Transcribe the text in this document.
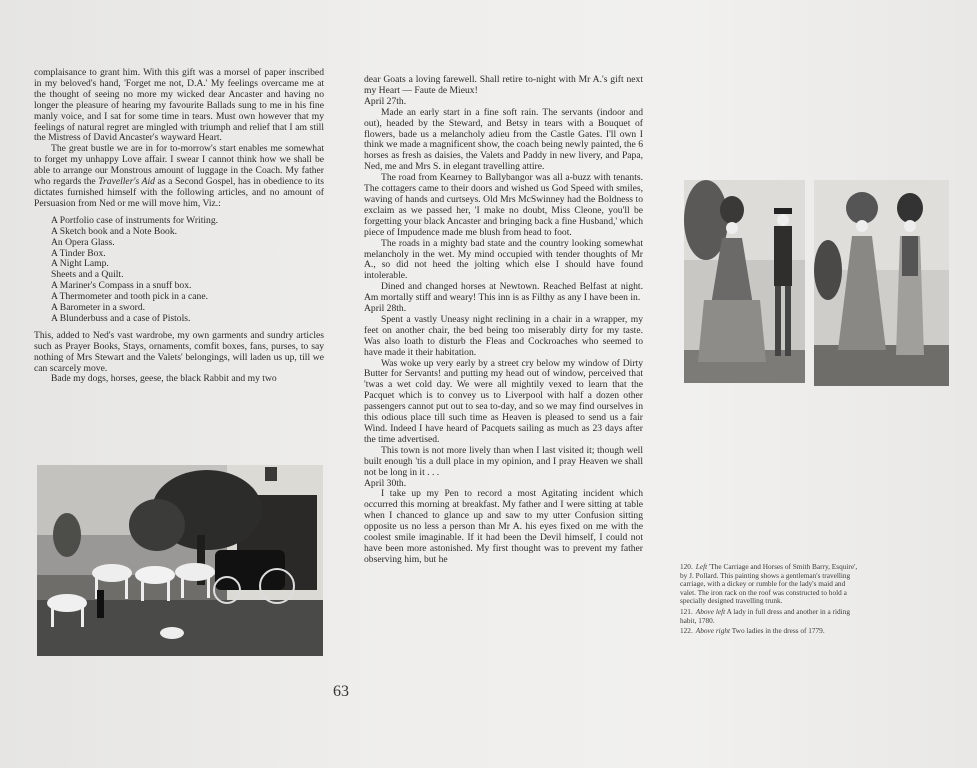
complaisance to grant him. With this gift was a morsel of paper inscribed in my beloved's hand, 'Forget me not, D.A.' My feelings overcame me at the thought of seeing no more my wicked dear Ancaster and having no longer the pleasure of hearing my favourite Ballads sung to me in his fine manly voice, and I sat for some time in tears. Must own however that my feelings of natural regret are mingled with triumph and relief that I am still the Mistress of David Ancaster's wayward Heart.

The great bustle we are in for to-morrow's start enables me somewhat to forget my unhappy Love affair. I swear I cannot think how we shall be able to arrange our Monstrous amount of luggage in the Coach. My father who regards the Traveller's Aid as a Second Gospel, has in obedience to its dictates furnished himself with the following articles, and no amount of Persuasion from Ned or me will move him, Viz.:

A Portfolio case of instruments for Writing.

A Sketch book and a Note Book.

An Opera Glass.

A Tinder Box.

A Night Lamp.

Sheets and a Quilt.

A Mariner's Compass in a snuff box.

A Thermometer and tooth pick in a cane.

A Barometer in a sword.

A Blunderbuss and a case of Pistols.

This, added to Ned's vast wardrobe, my own garments and sundry articles such as Prayer Books, Stays, ornaments, comfit boxes, fans, purses, to say nothing of Mrs Stewart and the Valets' belongings, will laden us up, till we can scarcely move.

Bade my dogs, horses, geese, the black Rabbit and my two

dear Goats a loving farewell. Shall retire to-night with Mr A.'s gift next my Heart — Faute de Mieux!

April 27th.

Made an early start in a fine soft rain. The servants (indoor and out), headed by the Steward, and Betsy in tears with a Bouquet of flowers, bade us a melancholy adieu from the Castle Gates. I'll own I think we made a magnificent show, the coach being newly painted, the 6 horses as fresh as daisies, the Valets and Paddy in new livery, and Papa, Ned, me and Mrs S. in elegant travelling attire.

The road from Kearney to Ballybangor was all a-buzz with tenants. The cottagers came to their doors and wished us God Speed with smiles, waving of hands and curtseys. Old Mrs McSwinney had the Boldness to exclaim as we passed her, 'I make no doubt, Miss Cleone, you'll be forgetting your black Ancaster and bringing back a fine Husband,' which piece of Impudence made me blush from head to foot.

The roads in a mighty bad state and the country looking somewhat melancholy in the wet. My mind occupied with tender thoughts of Mr A., so did not heed the jolting which else I should have found intolerable.

Dined and changed horses at Newtown. Reached Belfast at night. Am mortally stiff and weary! This inn is as Filthy as any I have been in.

April 28th.

Spent a vastly Uneasy night reclining in a chair in a wrapper, my feet on another chair, the bed being too miserably dirty for my taste. Was also loath to disturb the Fleas and Cockroaches who seemed to have made it their habitation.

Was woke up very early by a street cry below my window of Dirty Butter for Servants! and putting my head out of window, perceived that 'twas a wet cold day. We were all mightily vexed to learn that the Pacquet which is to convey us to Liverpool with half a dozen other passengers cannot put out to sea to-day, and so we may find ourselves in this odious place till such time as Heaven is pleased to send us a fair Wind. Indeed I have heard of Pacquets sailing as much as 23 days after the time advertised.

This town is not more lively than when I last visited it; though well built enough 'tis a dull place in my opinion, and I pray Heaven we shall not be long in it . . .

April 30th.

I take up my Pen to record a most Agitating incident which occurred this morning at breakfast. My father and I were sitting at table when I chanced to glance up and saw to my utter Confusion sitting opposite us no less a person than Mr A. his eyes fixed on me with the coolest smile imaginable. If it had been the Devil himself, I could not have been more astonished. My first thought was to prevent my father observing him, but he

120. Left 'The Carriage and Horses of Smith Barry, Esquire', by J. Pollard. This painting shows a gentleman's travelling carriage, with a dickey or rumble for the lady's maid and valet. The iron rack on the roof was constructed to hold a specially designed travelling trunk.

121. Above left A lady in full dress and another in a riding habit, 1780.

122. Above right Two ladies in the dress of 1779.

63
